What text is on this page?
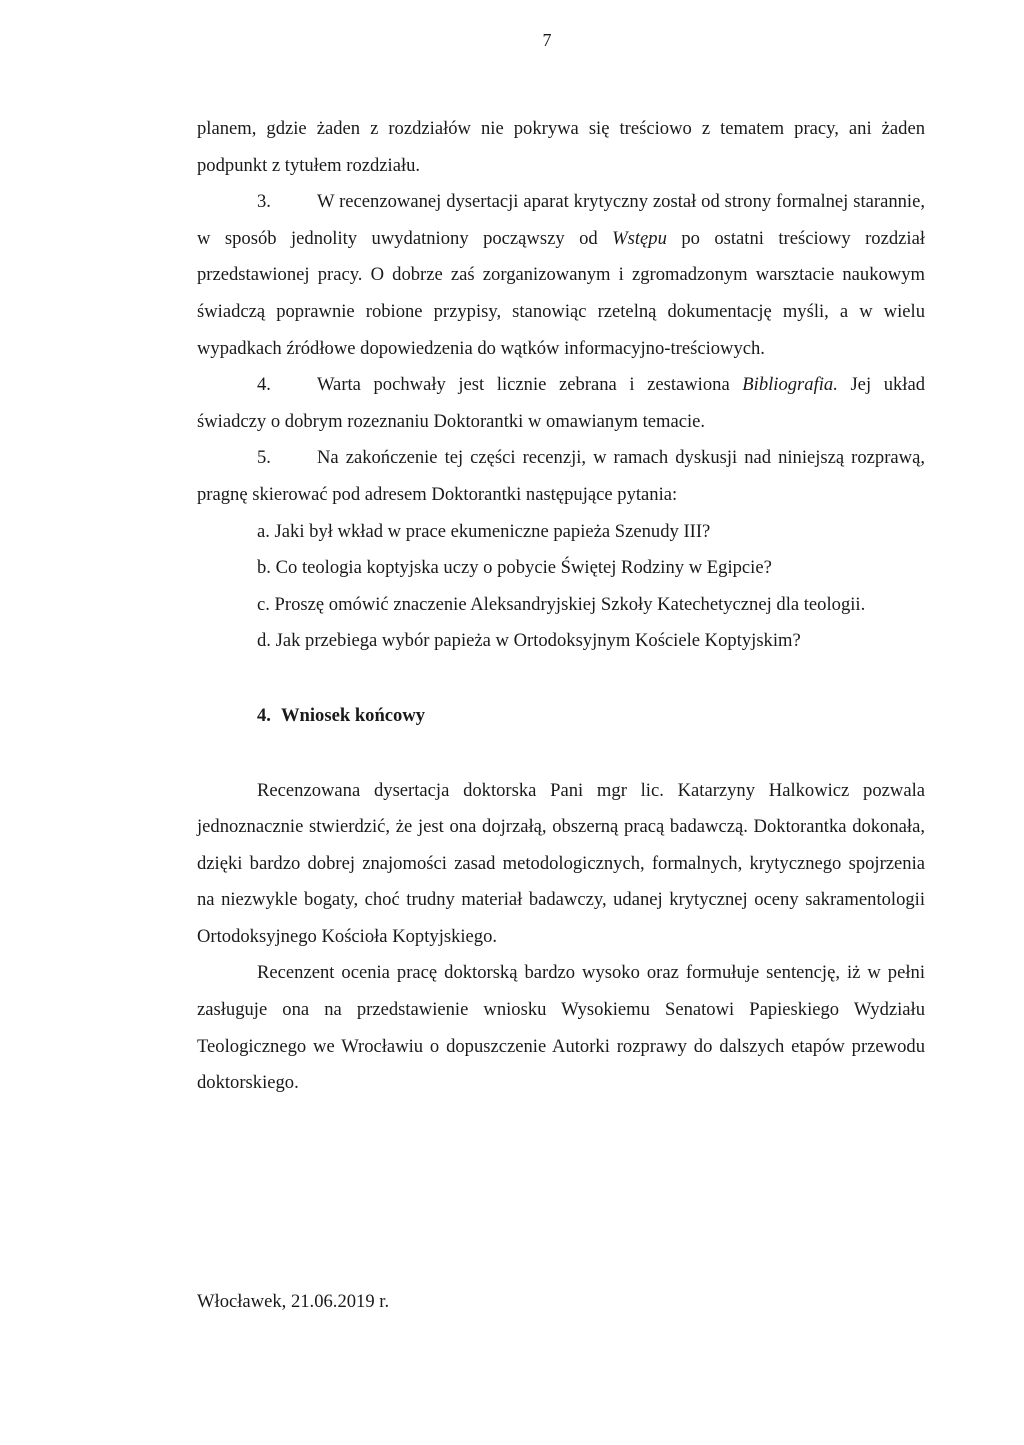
7

planem, gdzie żaden z rozdziałów nie pokrywa się treściowo z tematem pracy, ani żaden podpunkt z tytułem rozdziału.

3. W recenzowanej dysertacji aparat krytyczny został od strony formalnej starannie, w sposób jednolity uwydatniony począwszy od Wstępu po ostatni treściowy rozdział przedstawionej pracy. O dobrze zaś zorganizowanym i zgromadzonym warsztacie naukowym świadczą poprawnie robione przypisy, stanowiąc rzetelną dokumentację myśli, a w wielu wypadkach źródłowe dopowiedzenia do wątków informacyjno-treściowych.

4. Warta pochwały jest licznie zebrana i zestawiona Bibliografia. Jej układ świadczy o dobrym rozeznaniu Doktorantki w omawianym temacie.

5. Na zakończenie tej części recenzji, w ramach dyskusji nad niniejszą rozprawą, pragnę skierować pod adresem Doktorantki następujące pytania:

a. Jaki był wkład w prace ekumeniczne papieża Szenudy III?

b. Co teologia koptyjska uczy o pobycie Świętej Rodziny w Egipcie?

c. Proszę omówić znaczenie Aleksandryjskiej Szkoły Katechetycznej dla teologii.

d. Jak przebiega wybór papieża w Ortodoksyjnym Kościele Koptyjskim?

4. Wniosek końcowy

Recenzowana dysertacja doktorska Pani mgr lic. Katarzyny Halkowicz pozwala jednoznacznie stwierdzić, że jest ona dojrzałą, obszerną pracą badawczą. Doktorantka dokonała, dzięki bardzo dobrej znajomości zasad metodologicznych, formalnych, krytycznego spojrzenia na niezwykle bogaty, choć trudny materiał badawczy, udanej krytycznej oceny sakramentologii Ortodoksyjnego Kościoła Koptyjskiego.

Recenzent ocenia pracę doktorską bardzo wysoko oraz formułuje sentencję, iż w pełni zasługuje ona na przedstawienie wniosku Wysokiemu Senatowi Papieskiego Wydziału Teologicznego we Wrocławiu o dopuszczenie Autorki rozprawy do dalszych etapów przewodu doktorskiego.

Włocławek, 21.06.2019 r.
